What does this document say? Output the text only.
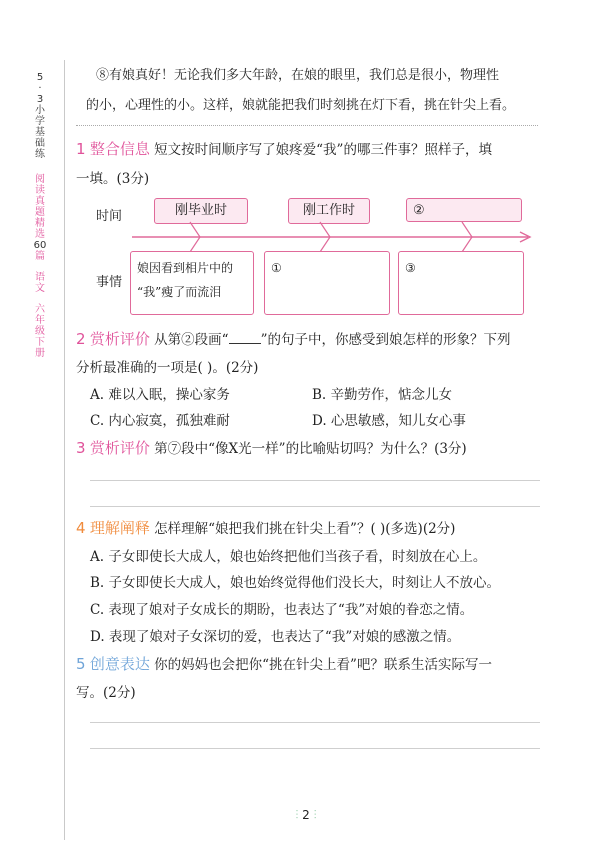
5
·
3
小
学
基
础
练
阅
读
真
题
精
选
60
篇
语
文
六
年
级
下
册
⑧有娘真好！无论我们多大年龄，在娘的眼里，我们总是很小，物理性
的小，心理性的小。这样，娘就能把我们时刻挑在灯下看，挑在针尖上看。
1 整合信息 短文按时间顺序写了娘疼爱“我”的哪三件事？照样子，填
一填。(3分)
时间
事情
刚毕业时	刚工作时	②
娘因看到相片中的
“我”瘦了而流泪
①	③
2 赏析评价 从第②段画“ ”的句子中，你感受到娘怎样的形象？下列
分析最准确的一项是( )。(2分)
A. 难以入眠，操心家务	B. 辛勤劳作，惦念儿女
C. 内心寂寞，孤独难耐	D. 心思敏感，知儿女心事
3 赏析评价 第⑦段中“像X光一样”的比喻贴切吗？为什么？(3分)
4 理解阐释 怎样理解“娘把我们挑在针尖上看”？( )(多选)(2分)
A. 子女即使长大成人，娘也始终把他们当孩子看，时刻放在心上。
B. 子女即使长大成人，娘也始终觉得他们没长大，时刻让人不放心。
C. 表现了娘对子女成长的期盼，也表达了“我”对娘的眷恋之情。
D. 表现了娘对子女深切的爱，也表达了“我”对娘的感激之情。
5 创意表达 你的妈妈也会把你“挑在针尖上看”吧？联系生活实际写一
写。(2分)
⫶ 2 ⫶
